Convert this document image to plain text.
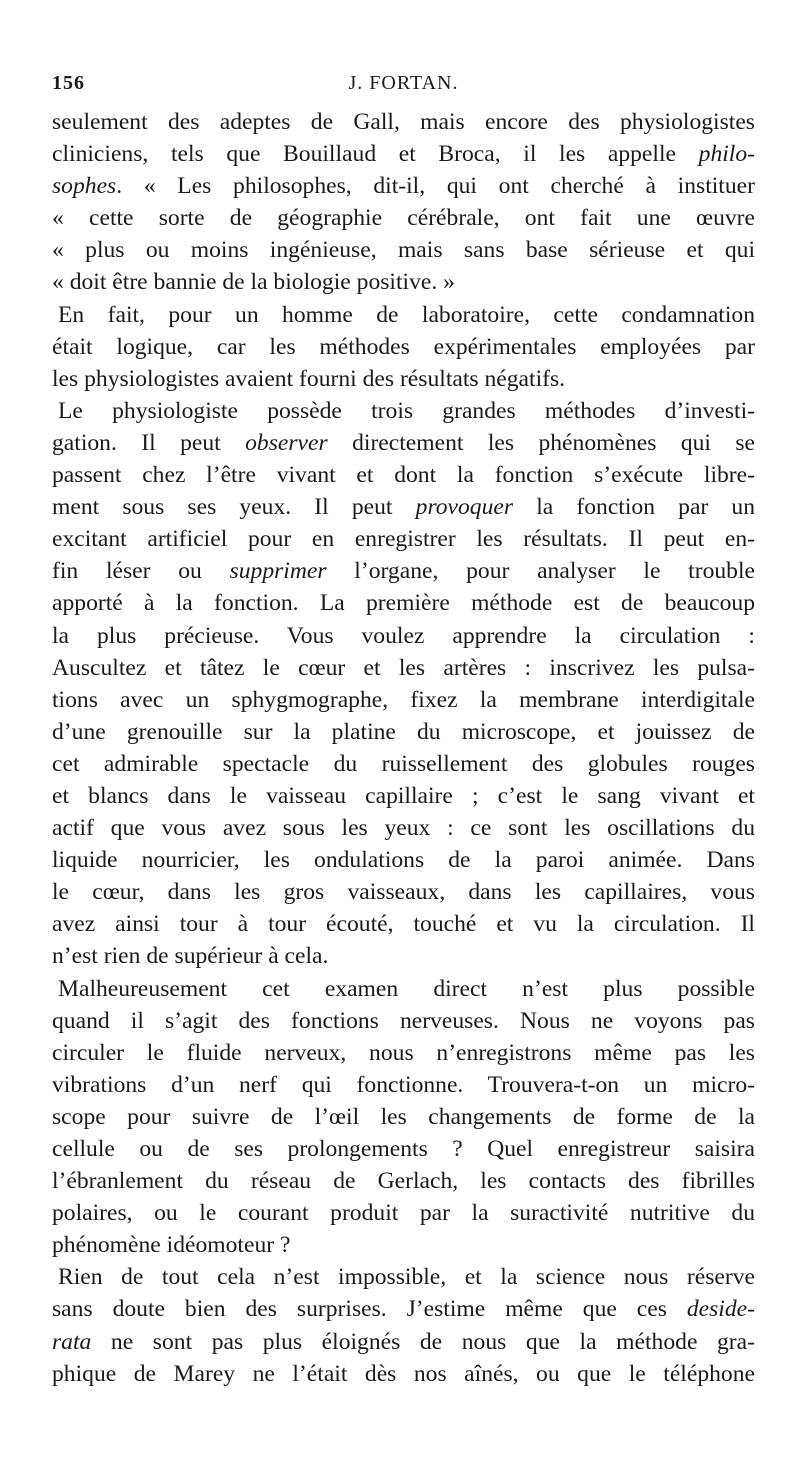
156	J. FORTAN.
seulement des adeptes de Gall, mais encore des physiologistes
cliniciens, tels que Bouillaud et Broca, il les appelle philo-
sophes. « Les philosophes, dit-il, qui ont cherché à instituer
« cette sorte de géographie cérébrale, ont fait une œuvre
« plus ou moins ingénieuse, mais sans base sérieuse et qui
« doit être bannie de la biologie positive. »
En fait, pour un homme de laboratoire, cette condamnation
était logique, car les méthodes expérimentales employées par
les physiologistes avaient fourni des résultats négatifs.
Le physiologiste possède trois grandes méthodes d’investi-
gation. Il peut observer directement les phénomènes qui se
passent chez l’être vivant et dont la fonction s’exécute libre-
ment sous ses yeux. Il peut provoquer la fonction par un
excitant artificiel pour en enregistrer les résultats. Il peut en-
fin léser ou supprimer l’organe, pour analyser le trouble
apporté à la fonction. La première méthode est de beaucoup
la plus précieuse. Vous voulez apprendre la circulation :
Auscultez et tâtez le cœur et les artères : inscrivez les pulsa-
tions avec un sphygmographe, fixez la membrane interdigitale
d’une grenouille sur la platine du microscope, et jouissez de
cet admirable spectacle du ruissellement des globules rouges
et blancs dans le vaisseau capillaire ; c’est le sang vivant et
actif que vous avez sous les yeux : ce sont les oscillations du
liquide nourricier, les ondulations de la paroi animée. Dans
le cœur, dans les gros vaisseaux, dans les capillaires, vous
avez ainsi tour à tour écouté, touché et vu la circulation. Il
n’est rien de supérieur à cela.
Malheureusement cet examen direct n’est plus possible
quand il s’agit des fonctions nerveuses. Nous ne voyons pas
circuler le fluide nerveux, nous n’enregistrons même pas les
vibrations d’un nerf qui fonctionne. Trouvera-t-on un micro-
scope pour suivre de l’œil les changements de forme de la
cellule ou de ses prolongements ? Quel enregistreur saisira
l’ébranlement du réseau de Gerlach, les contacts des fibrilles
polaires, ou le courant produit par la suractivité nutritive du
phénomène idéomoteur ?
Rien de tout cela n’est impossible, et la science nous réserve
sans doute bien des surprises. J’estime même que ces deside-
rata ne sont pas plus éloignés de nous que la méthode gra-
phique de Marey ne l’était dès nos aînés, ou que le téléphone
